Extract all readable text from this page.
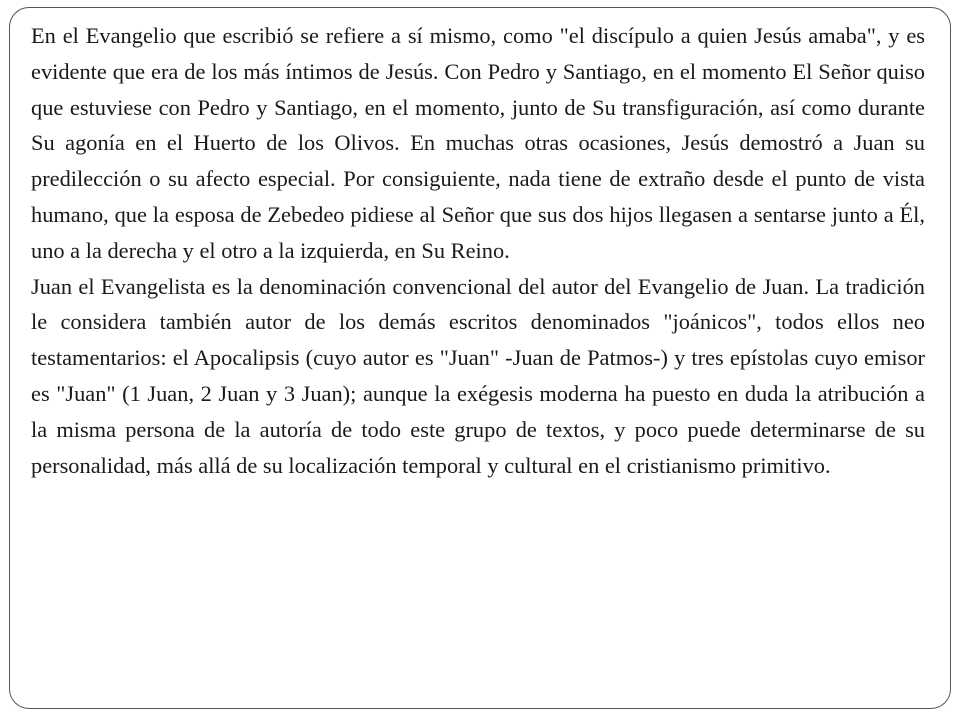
En el Evangelio que escribió se refiere a sí mismo, como "el discípulo a quien Jesús amaba", y es evidente que era de los más íntimos de Jesús. Con Pedro y Santiago, en el momento El Señor quiso que estuviese con Pedro y Santiago, en el momento, junto de Su transfiguración, así como durante Su agonía en el Huerto de los Olivos. En muchas otras ocasiones, Jesús demostró a Juan su predilección o su afecto especial. Por consiguiente, nada tiene de extraño desde el punto de vista humano, que la esposa de Zebedeo pidiese al Señor que sus dos hijos llegasen a sentarse junto a Él, uno a la derecha y el otro a la izquierda, en Su Reino.

Juan el Evangelista es la denominación convencional del autor del Evangelio de Juan. La tradición le considera también autor de los demás escritos denominados "joánicos", todos ellos neo testamentarios: el Apocalipsis (cuyo autor es "Juan" -Juan de Patmos-) y tres epístolas cuyo emisor es "Juan" (1 Juan, 2 Juan y 3 Juan); aunque la exégesis moderna ha puesto en duda la atribución a la misma persona de la autoría de todo este grupo de textos, y poco puede determinarse de su personalidad, más allá de su localización temporal y cultural en el cristianismo primitivo.
